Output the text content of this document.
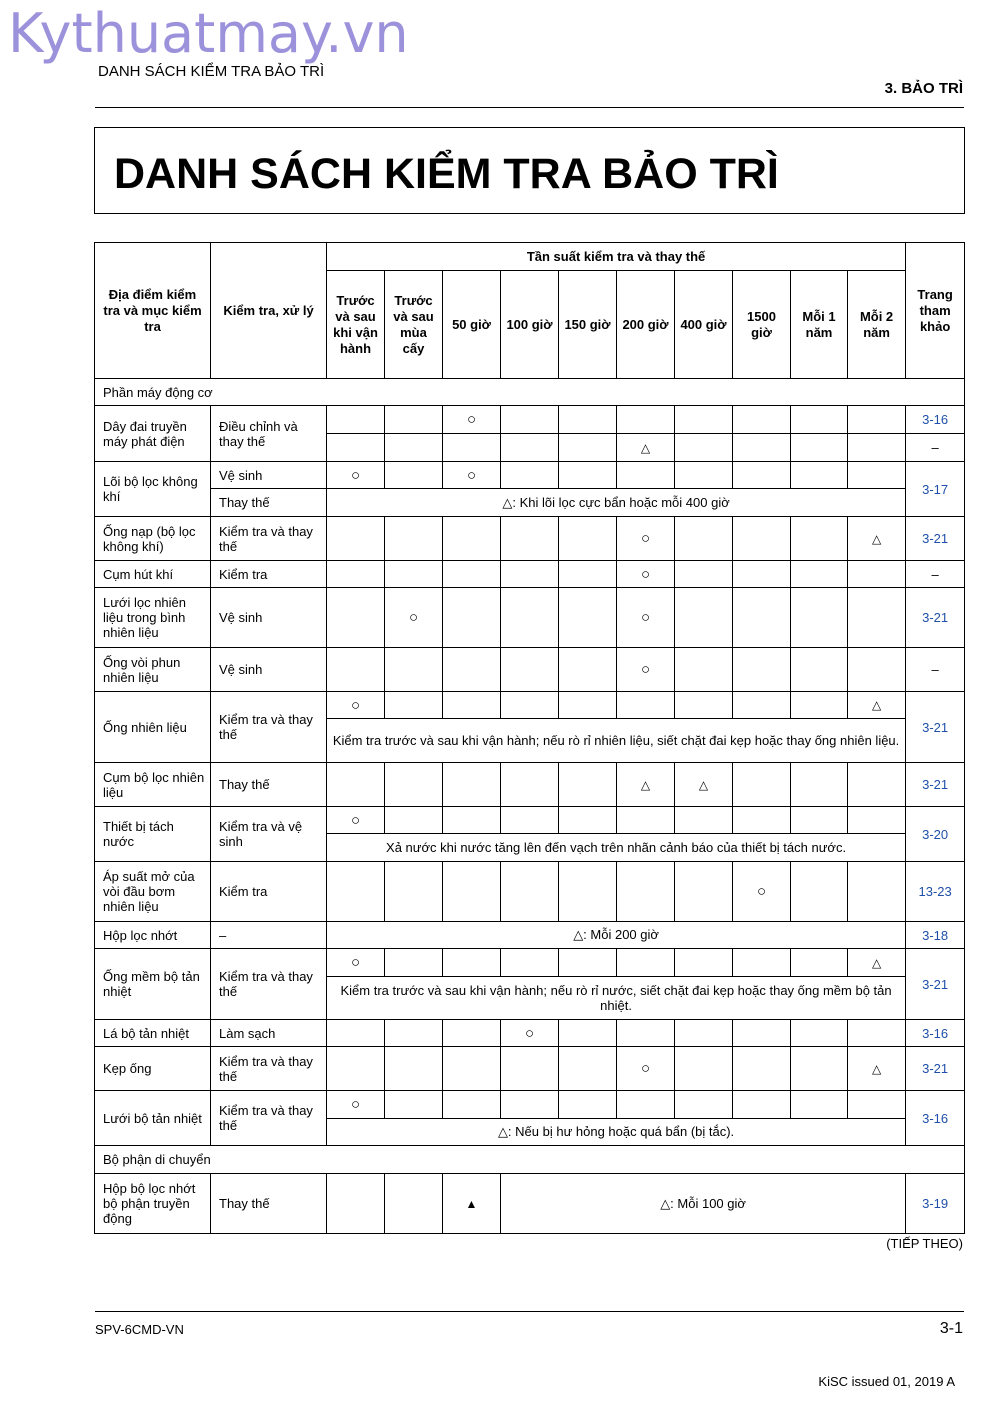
Kythuatmay.vn
DANH SÁCH KIỂM TRA BẢO TRÌ
3. BẢO TRÌ
DANH SÁCH KIỂM TRA BẢO TRÌ
Địa điểm kiểm tra và mục kiểm tra	Kiểm tra, xử lý	Tần suất kiểm tra và thay thế										Trang tham khảo
		Trước và sau khi vận hành	Trước và sau mùa cấy	50 giờ	100 giờ	150 giờ	200 giờ	400 giờ	1500 giờ	Mỗi 1 năm	Mỗi 2 năm	
Phần máy động cơ												
Dây đai truyền máy phát điện	Điều chỉnh và thay thế			○								3-16
							△					–
Lõi bộ lọc không khí	Vệ sinh	○		○								3-17
	Thay thế	△: Khi lõi lọc cực bẩn hoặc mỗi 400 giờ										
Ống nạp (bộ lọc không khí)	Kiểm tra và thay thế						○				△	3-21
Cụm hút khí	Kiểm tra						○					–
Lưới lọc nhiên liệu trong bình nhiên liệu	Vệ sinh		○				○					3-21
Ống vòi phun nhiên liệu	Vệ sinh						○					–
Ống nhiên liệu	Kiểm tra và thay thế	○									△	3-21
		Kiểm tra trước và sau khi vận hành; nếu rò rỉ nhiên liệu, siết chặt đai kẹp hoặc thay ống nhiên liệu.										
Cụm bộ lọc nhiên liệu	Thay thế						△	△				3-21
Thiết bị tách nước	Kiểm tra và vệ sinh	○										3-20
		Xả nước khi nước tăng lên đến vạch trên nhãn cảnh báo của thiết bị tách nước.										
Áp suất mở của vòi đầu bơm nhiên liệu	Kiểm tra								○			13-23
Hộp lọc nhớt	–	△: Mỗi 200 giờ										3-18
Ống mềm bộ tản nhiệt	Kiểm tra và thay thế	○									△	3-21
		Kiểm tra trước và sau khi vận hành; nếu rò rỉ nước, siết chặt đai kẹp hoặc thay ống mềm bộ tản nhiệt.										
Lá bộ tản nhiệt	Làm sạch				○							3-16
Kẹp ống	Kiểm tra và thay thế						○				△	3-21
Lưới bộ tản nhiệt	Kiểm tra và thay thế	○										3-16
		△: Nếu bị hư hỏng hoặc quá bẩn (bị tắc).										
Bộ phận di chuyển												
Hộp bộ lọc nhớt bộ phận truyền động	Thay thế			▲	△: Mỗi 100 giờ							3-19
(TIẾP THEO)
SPV-6CMD-VN	3-1
KiSC issued 01, 2019 A
